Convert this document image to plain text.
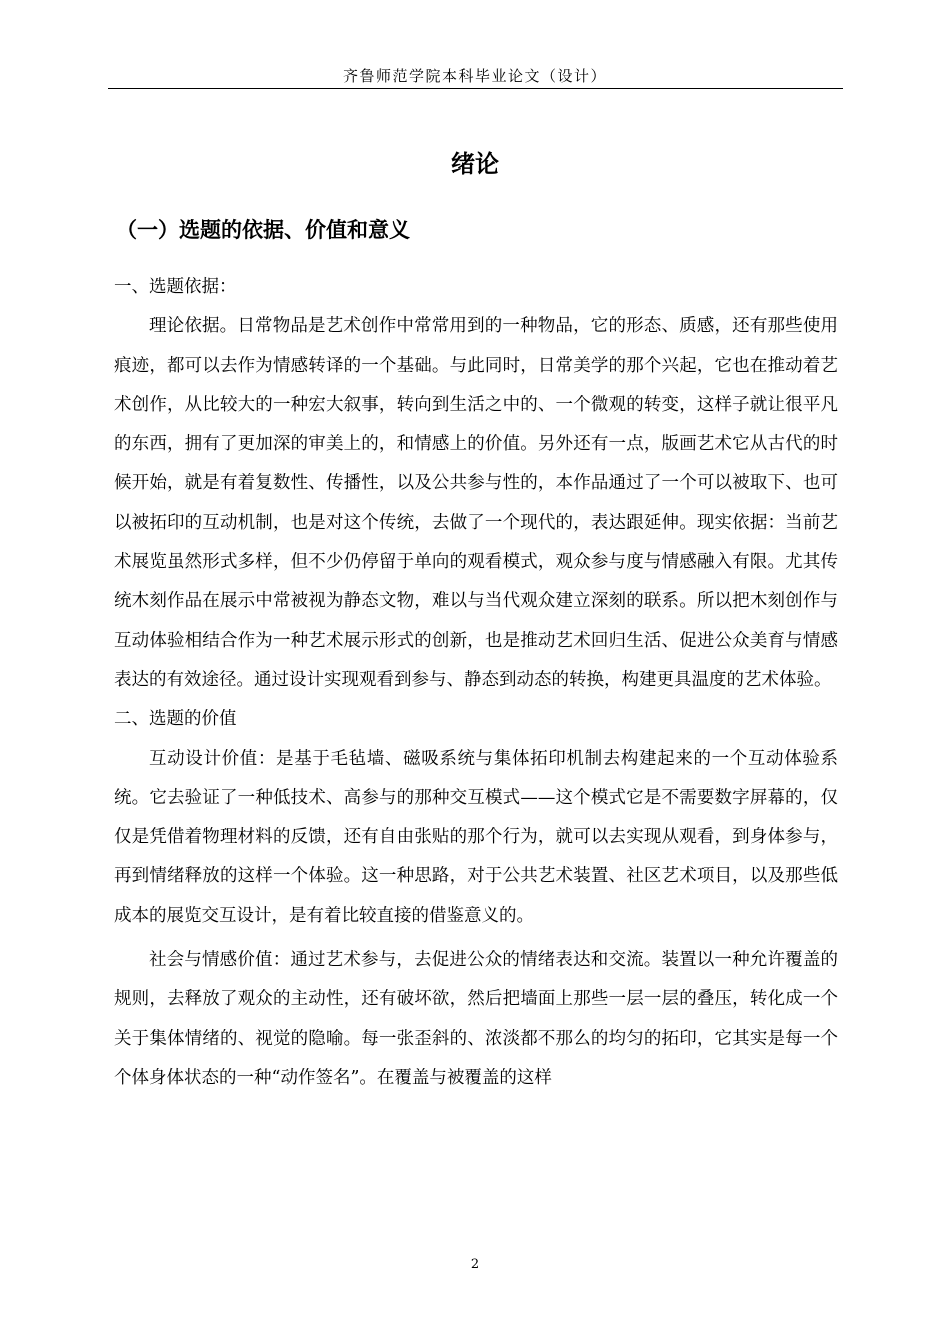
齐鲁师范学院本科毕业论文（设计）
绪论
（一）选题的依据、价值和意义
一、选题依据：

理论依据。日常物品是艺术创作中常常用到的一种物品，它的形态、质感，还有那些使用痕迹，都可以去作为情感转译的一个基础。与此同时，日常美学的那个兴起，它也在推动着艺术创作，从比较大的一种宏大叙事，转向到生活之中的、一个微观的转变，这样子就让很平凡的东西，拥有了更加深的审美上的，和情感上的价值。另外还有一点，版画艺术它从古代的时候开始，就是有着复数性、传播性，以及公共参与性的，本作品通过了一个可以被取下、也可以被拓印的互动机制，也是对这个传统，去做了一个现代的，表达跟延伸。现实依据：当前艺术展览虽然形式多样，但不少仍停留于单向的观看模式，观众参与度与情感融入有限。尤其传统木刻作品在展示中常被视为静态文物，难以与当代观众建立深刻的联系。所以把木刻创作与互动体验相结合作为一种艺术展示形式的创新，也是推动艺术回归生活、促进公众美育与情感表达的有效途径。通过设计实现观看到参与、静态到动态的转换，构建更具温度的艺术体验。

二、选题的价值

互动设计价值：是基于毛毡墙、磁吸系统与集体拓印机制去构建起来的一个互动体验系统。它去验证了一种低技术、高参与的那种交互模式——这个模式它是不需要数字屏幕的，仅仅是凭借着物理材料的反馈，还有自由张贴的那个行为，就可以去实现从观看，到身体参与，再到情绪释放的这样一个体验。这一种思路，对于公共艺术装置、社区艺术项目，以及那些低成本的展览交互设计，是有着比较直接的借鉴意义的。

社会与情感价值：通过艺术参与，去促进公众的情绪表达和交流。装置以一种允许覆盖的规则，去释放了观众的主动性，还有破坏欲，然后把墙面上那些一层一层的叠压，转化成一个关于集体情绪的、视觉的隐喻。每一张歪斜的、浓淡都不那么的均匀的拓印，它其实是每一个个体身体状态的一种“动作签名”。在覆盖与被覆盖的这样

2
